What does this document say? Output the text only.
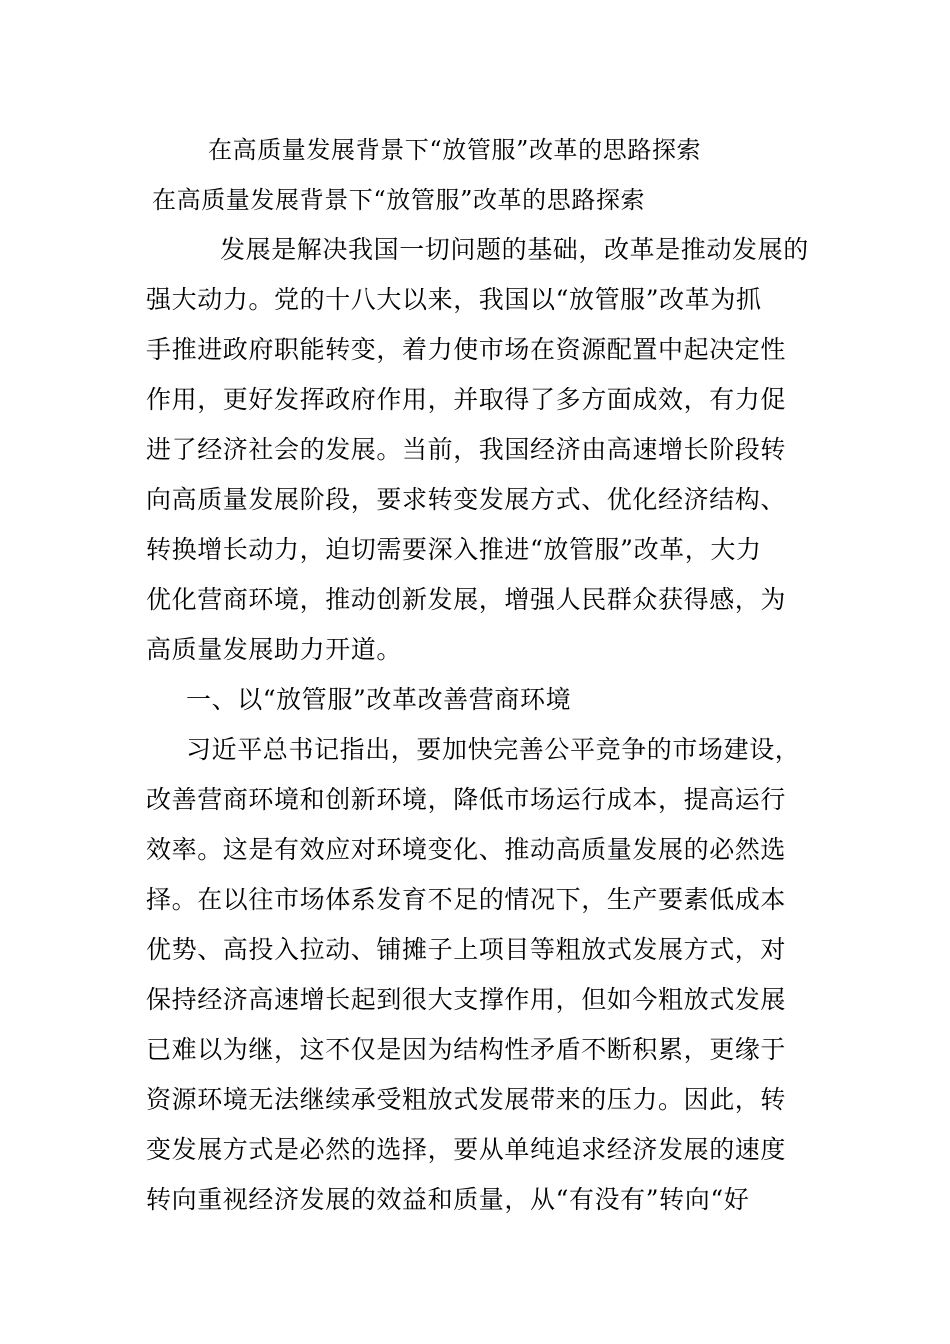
在高质量发展背景下“放管服”改革的思路探索
在高质量发展背景下“放管服”改革的思路探索
发展是解决我国一切问题的基础，改革是推动发展的
强大动力。党的十八大以来，我国以“放管服”改革为抓
手推进政府职能转变，着力使市场在资源配置中起决定性
作用，更好发挥政府作用，并取得了多方面成效，有力促
进了经济社会的发展。当前，我国经济由高速增长阶段转
向高质量发展阶段，要求转变发展方式、优化经济结构、
转换增长动力，迫切需要深入推进“放管服”改革，大力
优化营商环境，推动创新发展，增强人民群众获得感，为
高质量发展助力开道。
一、以“放管服”改革改善营商环境
习近平总书记指出，要加快完善公平竞争的市场建设，
改善营商环境和创新环境，降低市场运行成本，提高运行
效率。这是有效应对环境变化、推动高质量发展的必然选
择。在以往市场体系发育不足的情况下，生产要素低成本
优势、高投入拉动、铺摊子上项目等粗放式发展方式，对
保持经济高速增长起到很大支撑作用，但如今粗放式发展
已难以为继，这不仅是因为结构性矛盾不断积累，更缘于
资源环境无法继续承受粗放式发展带来的压力。因此，转
变发展方式是必然的选择，要从单纯追求经济发展的速度
转向重视经济发展的效益和质量，从“有没有”转向“好
